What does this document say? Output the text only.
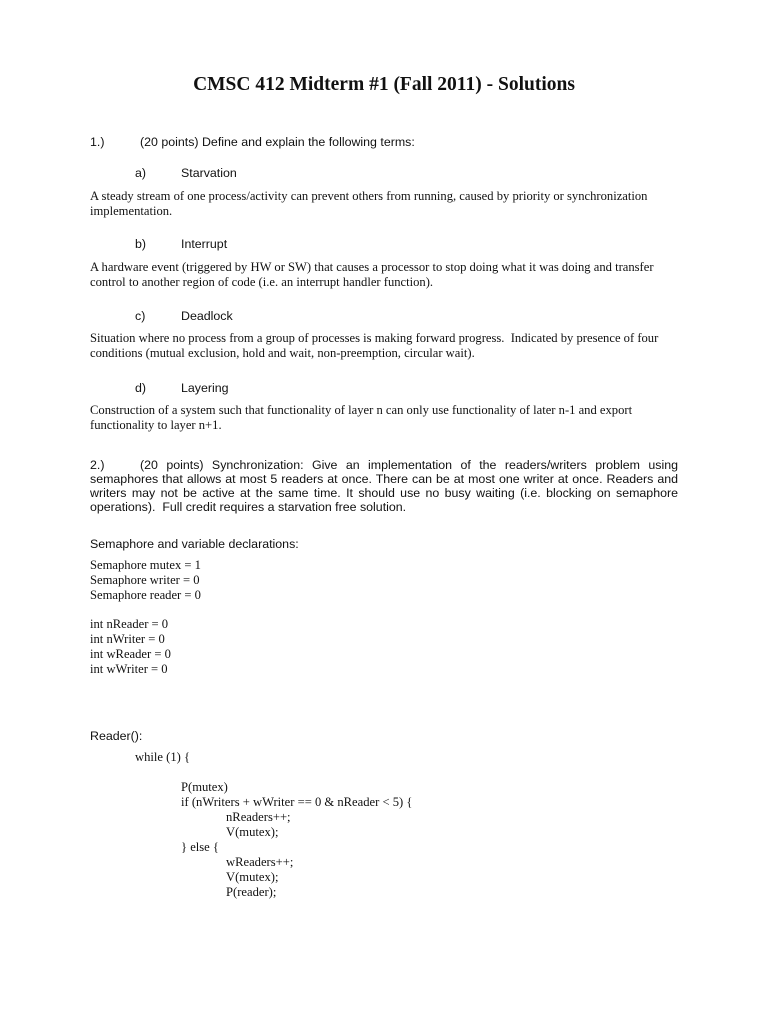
CMSC 412 Midterm #1 (Fall 2011) - Solutions
1.)	(20 points) Define and explain the following terms:
a)	Starvation
A steady stream of one process/activity can prevent others from running, caused by priority or synchronization
implementation.
b)	Interrupt
A hardware event (triggered by HW or SW) that causes a processor to stop doing what it was doing and transfer
control to another region of code (i.e. an interrupt handler function).
c)	Deadlock
Situation where no process from a group of processes is making forward progress.  Indicated by presence of four
conditions (mutual exclusion, hold and wait, non-preemption, circular wait).
d)	Layering
Construction of a system such that functionality of layer n can only use functionality of later n-1 and export
functionality to layer n+1.
2.)	(20 points) Synchronization: Give an implementation of the readers/writers problem using
semaphores that allows at most 5 readers at once. There can be at most one writer at once. Readers and
writers may not be active at the same time. It should use no busy waiting (i.e. blocking on semaphore
operations).  Full credit requires a starvation free solution.
Semaphore and variable declarations:
Semaphore mutex = 1
Semaphore writer = 0
Semaphore reader = 0
int nReader = 0
int nWriter = 0
int wReader = 0
int wWriter = 0
Reader():
while (1) {
P(mutex)
if (nWriters + wWriter == 0 & nReader < 5) {
nReaders++;
V(mutex);
} else {
wReaders++;
V(mutex);
P(reader);
